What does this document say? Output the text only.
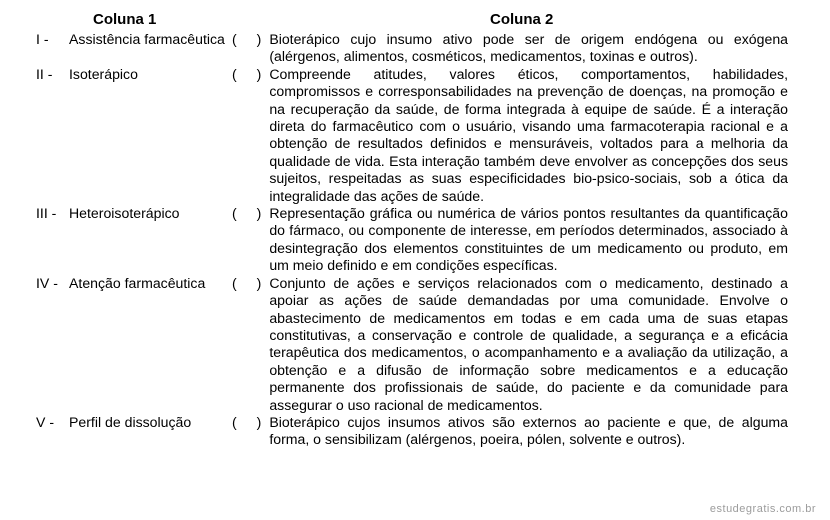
Coluna 1	Coluna 2
I -	Assistência farmacêutica	( )	Bioterápico cujo insumo ativo pode ser de origem endógena ou exógena (alérgenos, alimentos, cosméticos, medicamentos, toxinas e outros).
II -	Isoterápico	( )	Compreende atitudes, valores éticos, comportamentos, habilidades, compromissos e corresponsabilidades na prevenção de doenças, na promoção e na recuperação da saúde, de forma integrada à equipe de saúde. É a interação direta do farmacêutico com o usuário, visando uma farmacoterapia racional e a obtenção de resultados definidos e mensuráveis, voltados para a melhoria da qualidade de vida. Esta interação também deve envolver as concepções dos seus sujeitos, respeitadas as suas especificidades bio-psico-sociais, sob a ótica da integralidade das ações de saúde.
III -	Heteroisoterápico	( )	Representação gráfica ou numérica de vários pontos resultantes da quantificação do fármaco, ou componente de interesse, em períodos determinados, associado à desintegração dos elementos constituintes de um medicamento ou produto, em um meio definido e em condições específicas.
IV -	Atenção farmacêutica	( )	Conjunto de ações e serviços relacionados com o medicamento, destinado a apoiar as ações de saúde demandadas por uma comunidade. Envolve o abastecimento de medicamentos em todas e em cada uma de suas etapas constitutivas, a conservação e controle de qualidade, a segurança e a eficácia terapêutica dos medicamentos, o acompanhamento e a avaliação da utilização, a obtenção e a difusão de informação sobre medicamentos e a educação permanente dos profissionais de saúde, do paciente e da comunidade para assegurar o uso racional de medicamentos.
V -	Perfil de dissolução	( )	Bioterápico cujos insumos ativos são externos ao paciente e que, de alguma forma, o sensibilizam (alérgenos, poeira, pólen, solvente e outros).
estudegratis.com.br
